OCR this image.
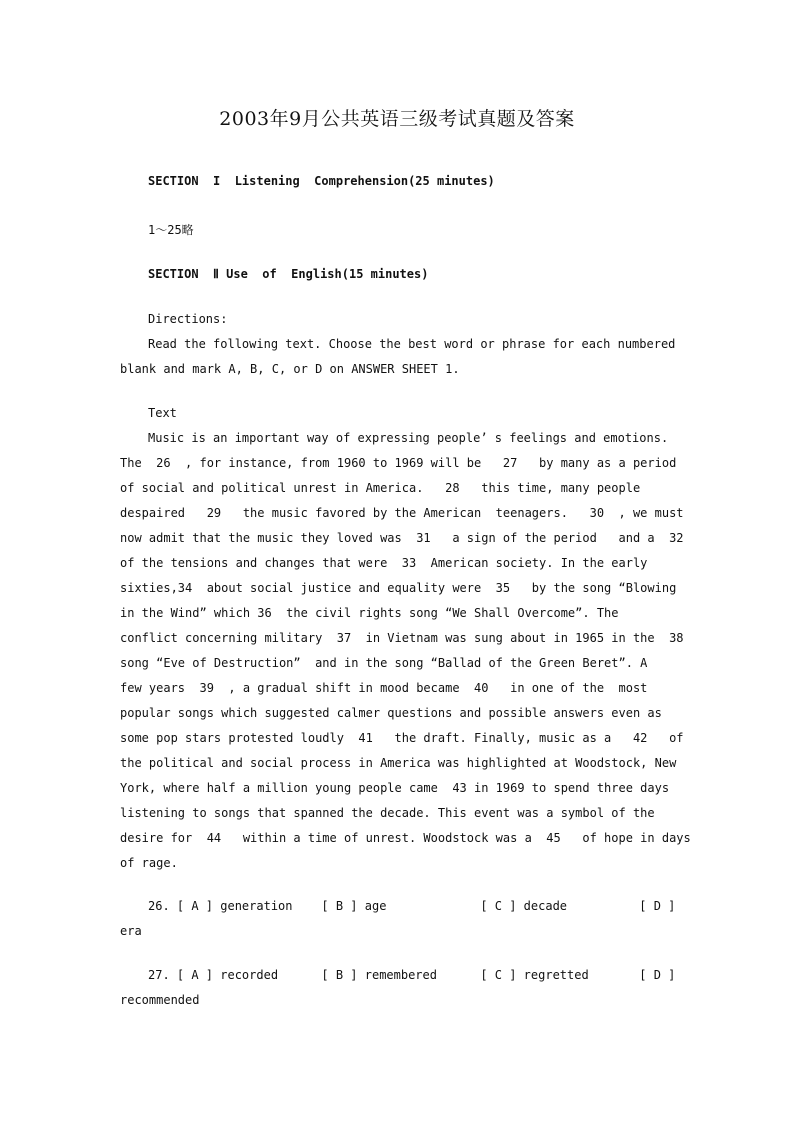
2003年9月公共英语三级考试真题及答案
SECTION  I  Listening  Comprehension(25 minutes)
1～25略
SECTION  Ⅱ Use  of  English(15 minutes)
Directions:
Read the following text. Choose the best word or phrase for each numbered
blank and mark A, B, C, or D on ANSWER SHEET 1.
Text
Music is an important way of expressing people’ s feelings and emotions.
The  26  , for instance, from 1960 to 1969 will be   27   by many as a period
of social and political unrest in America.   28   this time, many people
despaired   29   the music favored by the American  teenagers.   30  , we must
now admit that the music they loved was  31   a sign of the period   and a  32
of the tensions and changes that were  33  American society. In the early
sixties,34  about social justice and equality were  35   by the song “Blowing
in the Wind” which 36  the civil rights song “We Shall Overcome”. The
conflict concerning military  37  in Vietnam was sung about in 1965 in the  38
song “Eve of Destruction”  and in the song “Ballad of the Green Beret”. A
few years  39  , a gradual shift in mood became  40   in one of the  most
popular songs which suggested calmer questions and possible answers even as
some pop stars protested loudly  41   the draft. Finally, music as a   42   of
the political and social process in America was highlighted at Woodstock, New
York, where half a million young people came  43 in 1969 to spend three days
listening to songs that spanned the decade. This event was a symbol of the
desire for  44   within a time of unrest. Woodstock was a  45   of hope in days
of rage.
26. [ A ] generation    [ B ] age             [ C ] decade          [ D ]
era
27. [ A ] recorded      [ B ] remembered      [ C ] regretted       [ D ]
recommended
